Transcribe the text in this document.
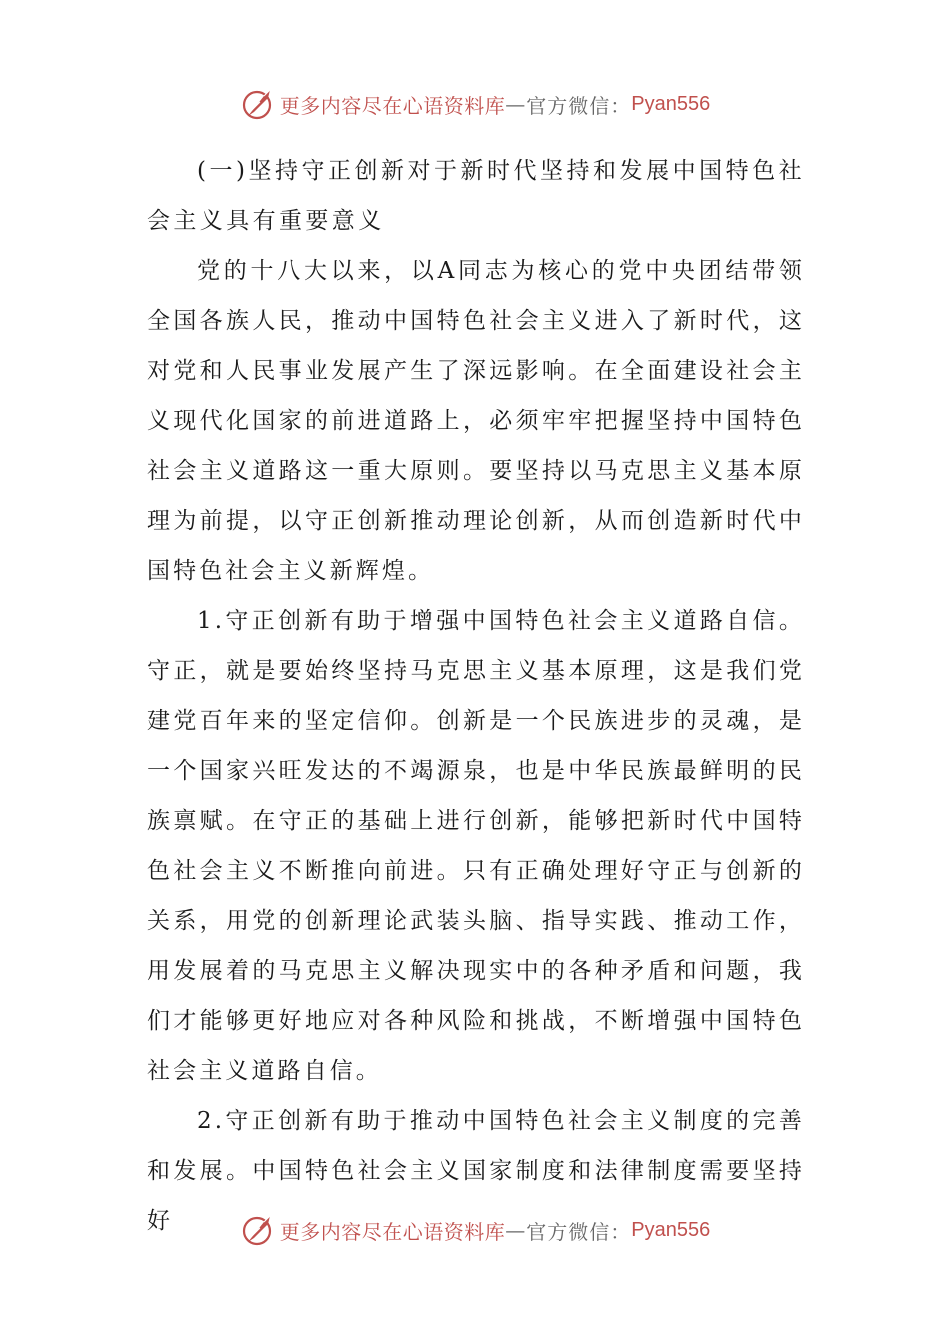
更多内容尽在心语资料库 — 官方微信： Pyan556

(一)坚持守正创新对于新时代坚持和发展中国特色社会主义具有重要意义

党的十八大以来，以A同志为核心的党中央团结带领全国各族人民，推动中国特色社会主义进入了新时代，这对党和人民事业发展产生了深远影响。在全面建设社会主义现代化国家的前进道路上，必须牢牢把握坚持中国特色社会主义道路这一重大原则。要坚持以马克思主义基本原理为前提，以守正创新推动理论创新，从而创造新时代中国特色社会主义新辉煌。

1.守正创新有助于增强中国特色社会主义道路自信。守正，就是要始终坚持马克思主义基本原理，这是我们党建党百年来的坚定信仰。创新是一个民族进步的灵魂，是一个国家兴旺发达的不竭源泉，也是中华民族最鲜明的民族禀赋。在守正的基础上进行创新，能够把新时代中国特色社会主义不断推向前进。只有正确处理好守正与创新的关系，用党的创新理论武装头脑、指导实践、推动工作，用发展着的马克思主义解决现实中的各种矛盾和问题，我们才能够更好地应对各种风险和挑战，不断增强中国特色社会主义道路自信。

2.守正创新有助于推动中国特色社会主义制度的完善和发展。中国特色社会主义国家制度和法律制度需要坚持好	更多内容尽在心语资料库 — 官方微信： Pyan556
